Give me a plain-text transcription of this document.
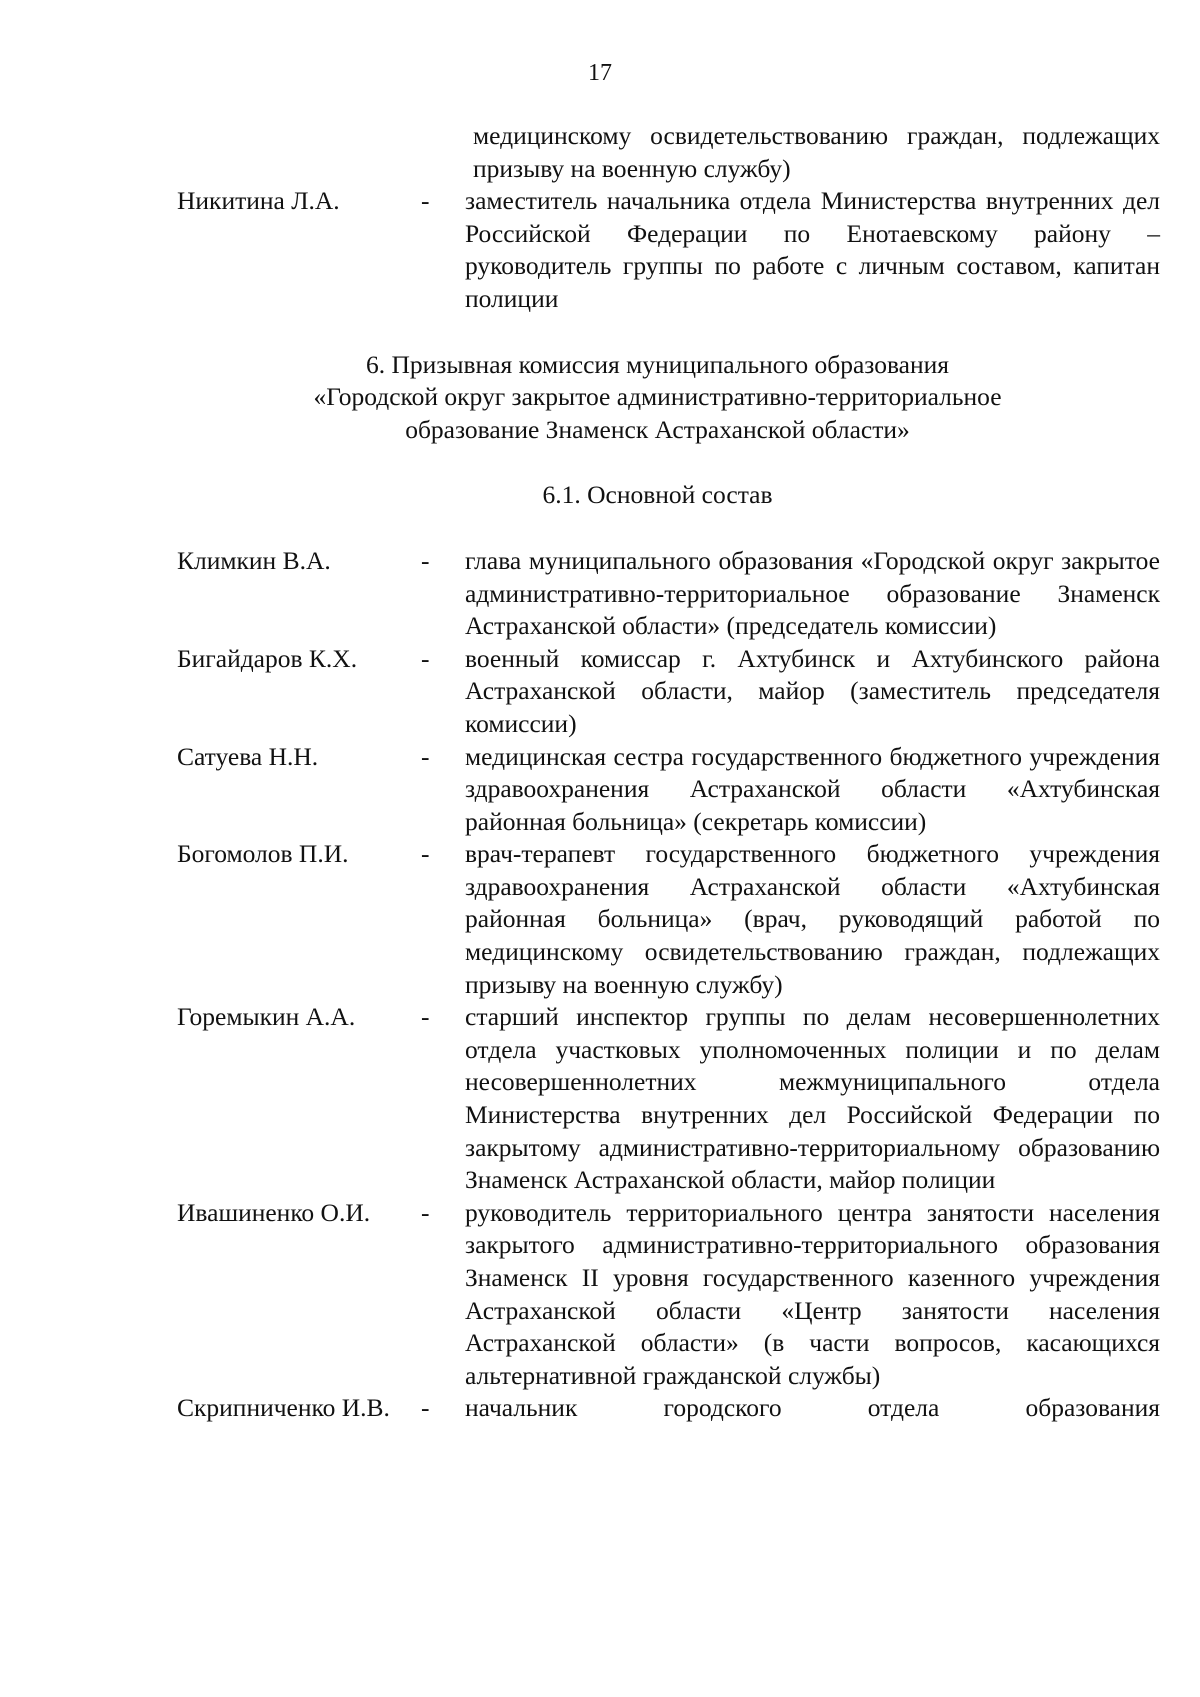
17
медицинскому освидетельствованию граждан, подлежащих призыву на военную службу)
Никитина Л.А.	-	заместитель начальника отдела Министерства внутренних дел Российской Федерации по Енотаевскому району – руководитель группы по работе с личным составом, капитан полиции
6. Призывная комиссия муниципального образования
«Городской округ закрытое административно-территориальное
образование Знаменск Астраханской области»
6.1. Основной состав
Климкин В.А.	-	глава муниципального образования «Городской округ закрытое административно-территориальное образование Знаменск Астраханской области» (председатель комиссии)
Бигайдаров К.Х.	-	военный комиссар г. Ахтубинск и Ахтубинского района Астраханской области, майор (заместитель председателя комиссии)
Сатуева Н.Н.	-	медицинская сестра государственного бюджетного учреждения здравоохранения Астраханской области «Ахтубинская районная больница» (секретарь комиссии)
Богомолов П.И.	-	врач-терапевт государственного бюджетного учреждения здравоохранения Астраханской области «Ахтубинская районная больница» (врач, руководящий работой по медицинскому освидетельствованию граждан, подлежащих призыву на военную службу)
Горемыкин А.А.	-	старший инспектор группы по делам несовершеннолетних отдела участковых уполномоченных полиции и по делам несовершеннолетних межмуниципального отдела Министерства внутренних дел Российской Федерации по закрытому административно-территориальному образованию Знаменск Астраханской области, майор полиции
Ивашиненко О.И.	-	руководитель территориального центра занятости населения закрытого административно-территориального образования Знаменск II уровня государственного казенного учреждения Астраханской области «Центр занятости населения Астраханской области» (в части вопросов, касающихся альтернативной гражданской службы)
Скрипниченко И.В.	-	начальник городского отдела образования
